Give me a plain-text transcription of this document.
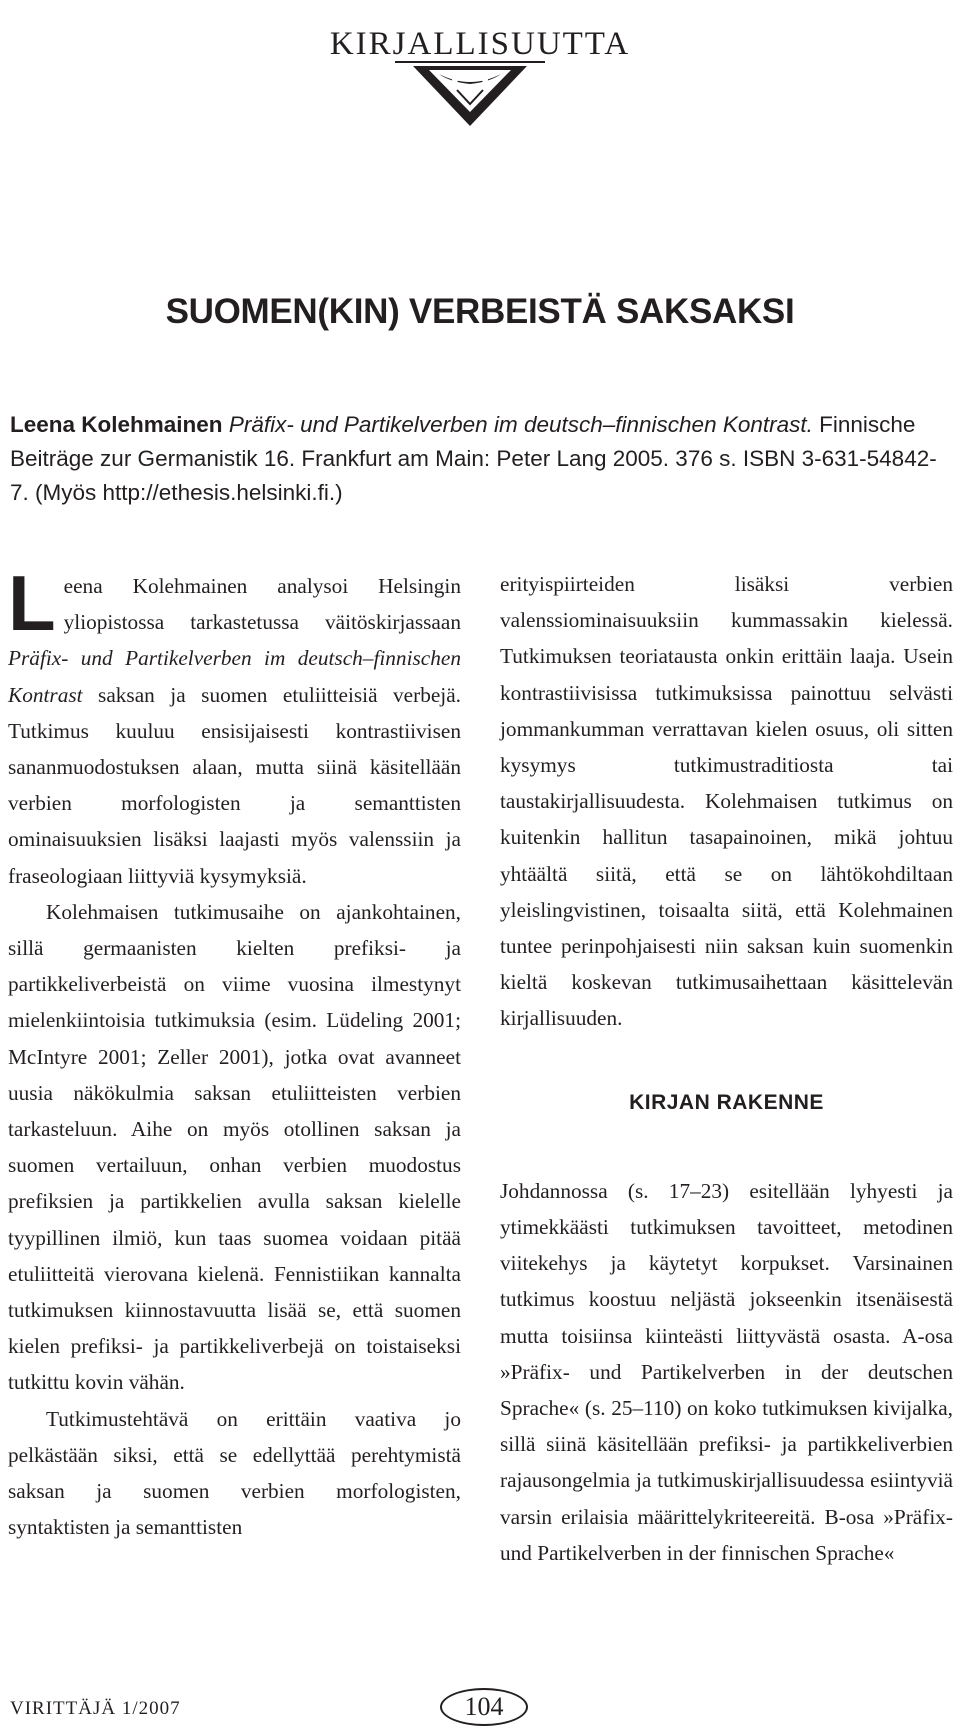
KIRJALLISUUTTA
SUOMEN(KIN) VERBEISTÄ SAKSAKSI
Leena Kolehmainen Präfix- und Partikelverben im deutsch–finnischen Kontrast. Finnische Beiträge zur Germanistik 16. Frankfurt am Main: Peter Lang 2005. 376 s. ISBN 3-631-54842-7. (Myös http://ethesis.helsinki.fi.)

Leena Kolehmainen analysoi Helsingin yliopistossa tarkastetussa väitöskirjassaan Präfix- und Partikelverben im deutsch–finnischen Kontrast saksan ja suomen etuliitteisiä verbejä. Tutkimus kuuluu ensisijaisesti kontrastiivisen sananmuodostuksen alaan, mutta siinä käsitellään verbien morfologisten ja semanttisten ominaisuuksien lisäksi laajasti myös valenssiin ja fraseologiaan liittyviä kysymyksiä.

Kolehmaisen tutkimusaihe on ajankohtainen, sillä germaanisten kielten prefiksi- ja partikkeliverbeistä on viime vuosina ilmestynyt mielenkiintoisia tutkimuksia (esim. Lüdeling 2001; McIntyre 2001; Zeller 2001), jotka ovat avanneet uusia näkökulmia saksan etuliitteisten verbien tarkasteluun. Aihe on myös otollinen saksan ja suomen vertailuun, onhan verbien muodostus prefiksien ja partikkelien avulla saksan kielelle tyypillinen ilmiö, kun taas suomea voidaan pitää etuliitteitä vierovana kielenä. Fennistiikan kannalta tutkimuksen kiinnostavuutta lisää se, että suomen kielen prefiksi- ja partikkeliverbejä on toistaiseksi tutkittu kovin vähän.

Tutkimustehtävä on erittäin vaativa jo pelkästään siksi, että se edellyttää perehtymistä saksan ja suomen verbien morfologisten, syntaktisten ja semanttisten

erityispiirteiden lisäksi verbien valenssiominaisuuksiin kummassakin kielessä. Tutkimuksen teoriatausta onkin erittäin laaja. Usein kontrastiivisissa tutkimuksissa painottuu selvästi jommankumman verrattavan kielen osuus, oli sitten kysymys tutkimustraditiosta tai taustakirjallisuudesta. Kolehmaisen tutkimus on kuitenkin hallitun tasapainoinen, mikä johtuu yhtäältä siitä, että se on lähtökohdiltaan yleislingvistinen, toisaalta siitä, että Kolehmainen tuntee perinpohjaisesti niin saksan kuin suomenkin kieltä koskevan tutkimusaihettaan käsittelevän kirjallisuuden.

KIRJAN RAKENNE

Johdannossa (s. 17–23) esitellään lyhyesti ja ytimekkäästi tutkimuksen tavoitteet, metodinen viitekehys ja käytetyt korpukset. Varsinainen tutkimus koostuu neljästä jokseenkin itsenäisestä mutta toisiinsa kiinteästi liittyvästä osasta. A-osa »Präfix- und Partikelverben in der deutschen Sprache« (s. 25–110) on koko tutkimuksen kivijalka, sillä siinä käsitellään prefiksi- ja partikkeliverbien rajausongelmia ja tutkimuskirjallisuudessa esiintyviä varsin erilaisia määrittelykriteereitä. B-osa »Präfix- und Partikelverben in der finnischen Sprache«

VIRITTÄJÄ 1/2007	104
